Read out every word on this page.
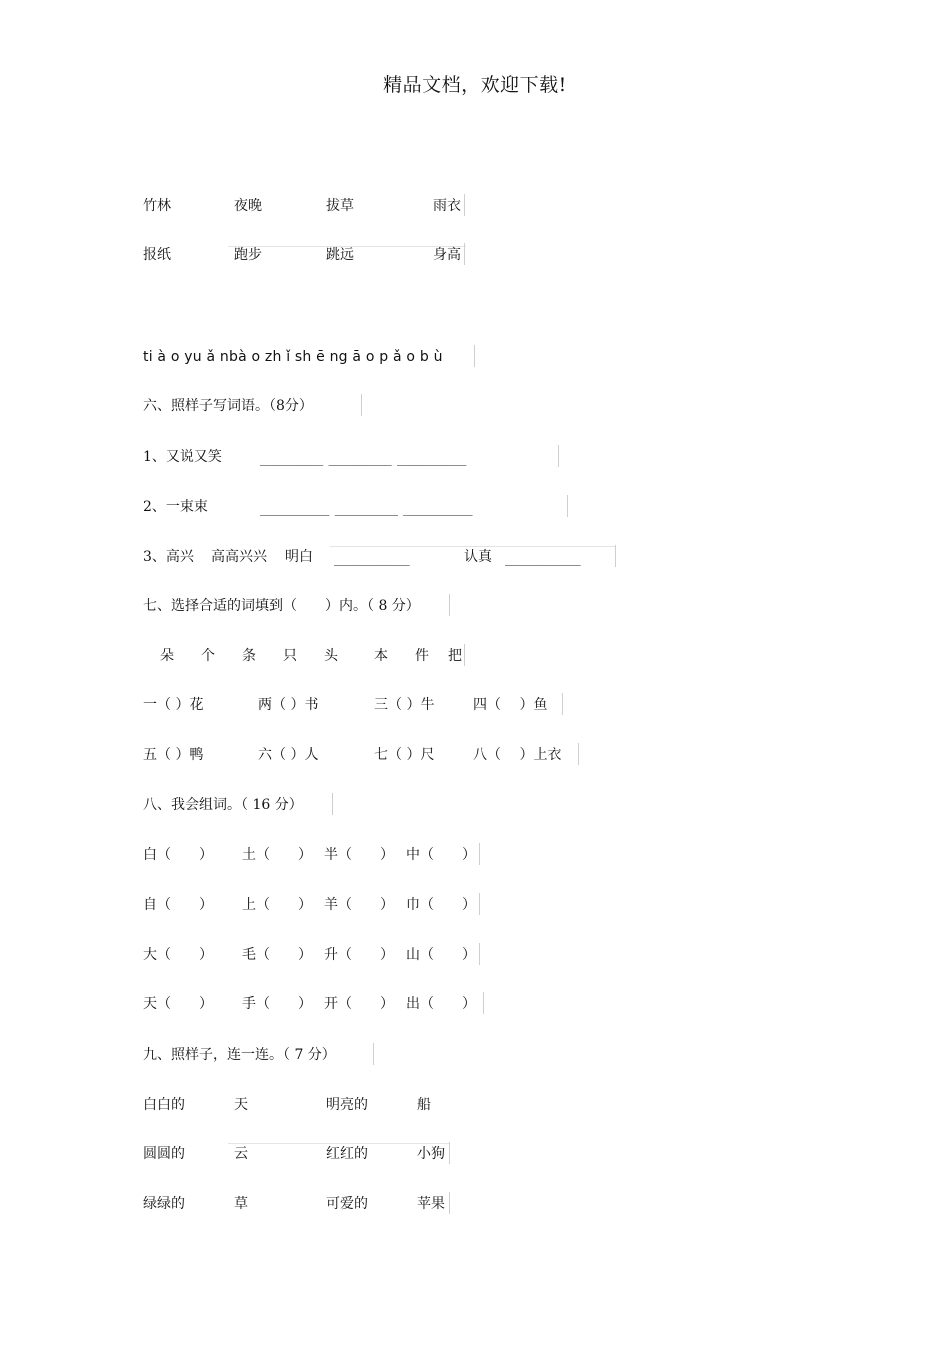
精品文档，欢迎下载!
竹林	夜晚	拔草	雨衣
报纸	跑步	跳远	身高
ti à o yu ǎ nbà o zh ǐ sh ē ng ā o p ǎ o b ù
六、照样子写词语。（8分）
1、又说又笑	__________ __________ ___________
2、一束束	___________ __________ ___________
3、高兴 高高兴兴 明白 ____________	认真 ____________
七、选择合适的词填到（　　）内。（ 8 分）
朵 个 条 只 头	本 件 把
一（ ）花	两（ ）书	三（ ）牛	四（　 ）鱼
五（ ）鸭	六（ ）人	七（ ）尺	八（　 ）上衣
八、我会组词。（ 16 分）
白（　　） 土（　　） 半（　　） 中（　　）
自（　　） 上（　　） 羊（　　） 巾（　　）
大（　　） 毛（　　） 升（　　） 山（　　）
天（　　） 手（　　） 开（　　） 出（　　）
九、照样子，连一连。（ 7 分）
白白的	天	明亮的	船
圆圆的	云	红红的	小狗
绿绿的	草	可爱的	苹果
